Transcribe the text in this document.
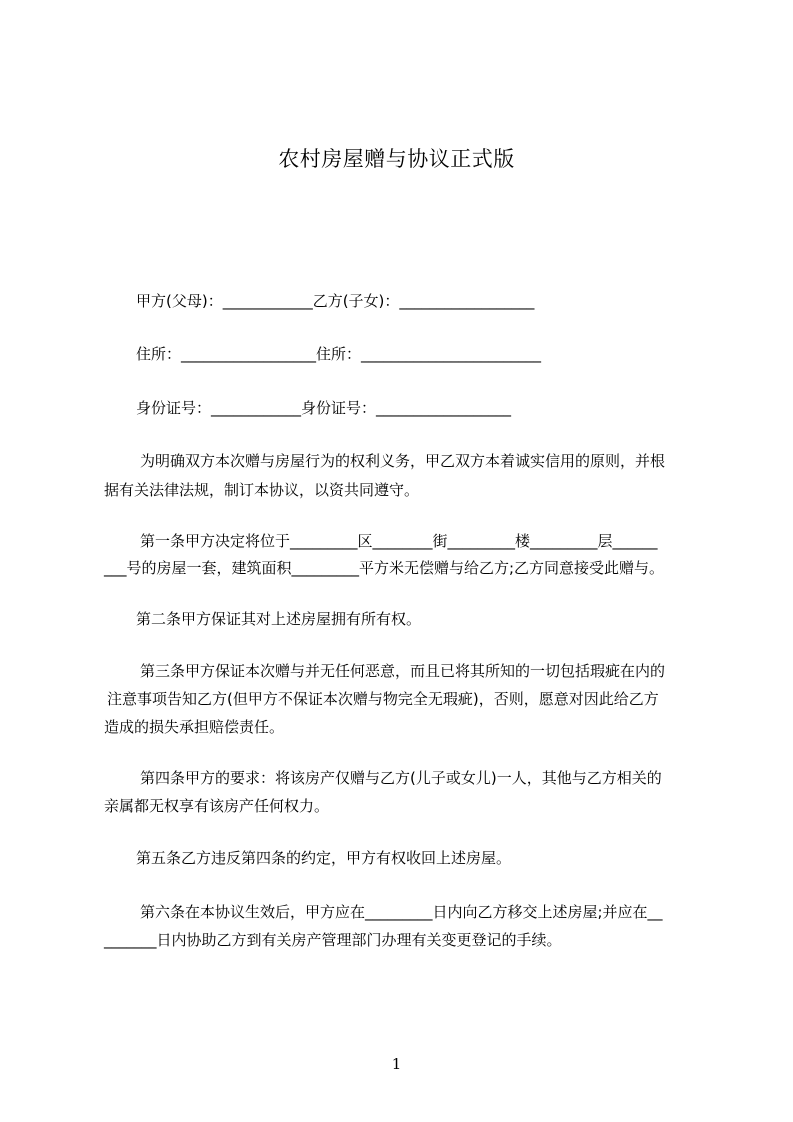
农村房屋赠与协议正式版
甲方(父母)：____________乙方(子女)：__________________
住所：__________________住所：________________________
身份证号：____________身份证号：__________________
为明确双方本次赠与房屋行为的权利义务，甲乙双方本着诚实信用的原则，并根
据有关法律法规，制订本协议，以资共同遵守。
第一条甲方决定将位于_________区________街_________楼_________层______
___号的房屋一套，建筑面积_________平方米无偿赠与给乙方;乙方同意接受此赠与。
第二条甲方保证其对上述房屋拥有所有权。
第三条甲方保证本次赠与并无任何恶意，而且已将其所知的一切包括瑕疵在内的
注意事项告知乙方(但甲方不保证本次赠与物完全无瑕疵)，否则，愿意对因此给乙方
造成的损失承担赔偿责任。
第四条甲方的要求：将该房产仅赠与乙方(儿子或女儿)一人，其他与乙方相关的
亲属都无权享有该房产任何权力。
第五条乙方违反第四条的约定，甲方有权收回上述房屋。
第六条在本协议生效后，甲方应在_________日内向乙方移交上述房屋;并应在__
_______日内协助乙方到有关房产管理部门办理有关变更登记的手续。
1
